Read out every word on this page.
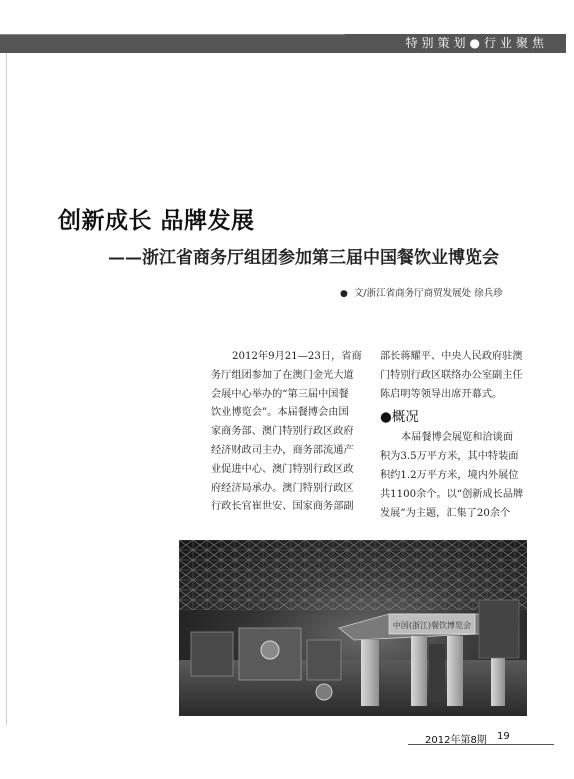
特别策划●行业聚焦
创新成长 品牌发展
——浙江省商务厅组团参加第三届中国餐饮业博览会
● 文/浙江省商务厅商贸发展处 徐兵珍

2012年9月21—23日，省商

务厅组团参加了在澳门金光大道

会展中心举办的“第三届中国餐

饮业博览会”。本届餐博会由国

家商务部、澳门特别行政区政府

经济财政司主办，商务部流通产

业促进中心、澳门特别行政区政

府经济局承办。澳门特别行政区

行政长官崔世安、国家商务部副

部长蒋耀平、中央人民政府驻澳

门特别行政区联络办公室副主任

陈启明等领导出席开幕式。

●概况

本届餐博会展览和洽谈面

积为3.5万平方米，其中特装面

积约1.2万平方米，境内外展位

共1100余个。以“创新成长品牌

发展”为主题，汇集了20余个

中国(浙江)餐饮博览会
2012年第8期 19
